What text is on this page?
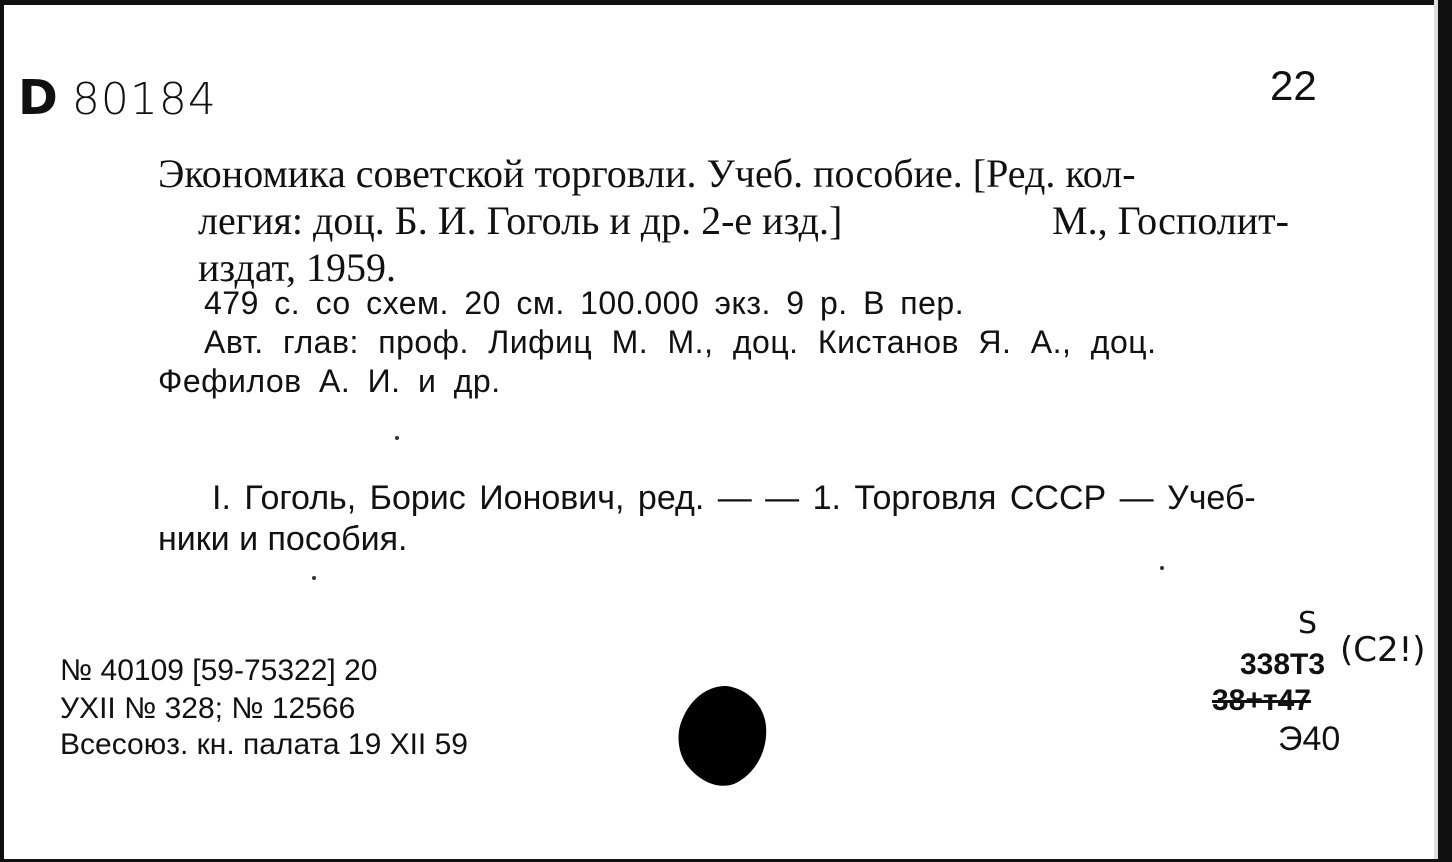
D 80184	22
Экономика советской торговли. Учеб. пособие. [Ред. кол-
легия: доц. Б. И. Гоголь и др. 2-е изд.]	М., Госполит-
издат, 1959.
479 с. со схем. 20 см. 100.000 экз. 9 р. В пер.
Авт. глав: проф. Лифиц М. М., доц. Кистанов Я. А., доц.
Фефилов А. И. и др.
I. Гоголь, Борис Ионович, ред. — — 1. Торговля СССР — Учеб-
ники и пособия.
№ 40109 [59-75322] 20
УXII № 328; № 12566
Всесоюз. кн. палата 19 XII 59
S
338T3 (C2!)
38+т47
Э40
